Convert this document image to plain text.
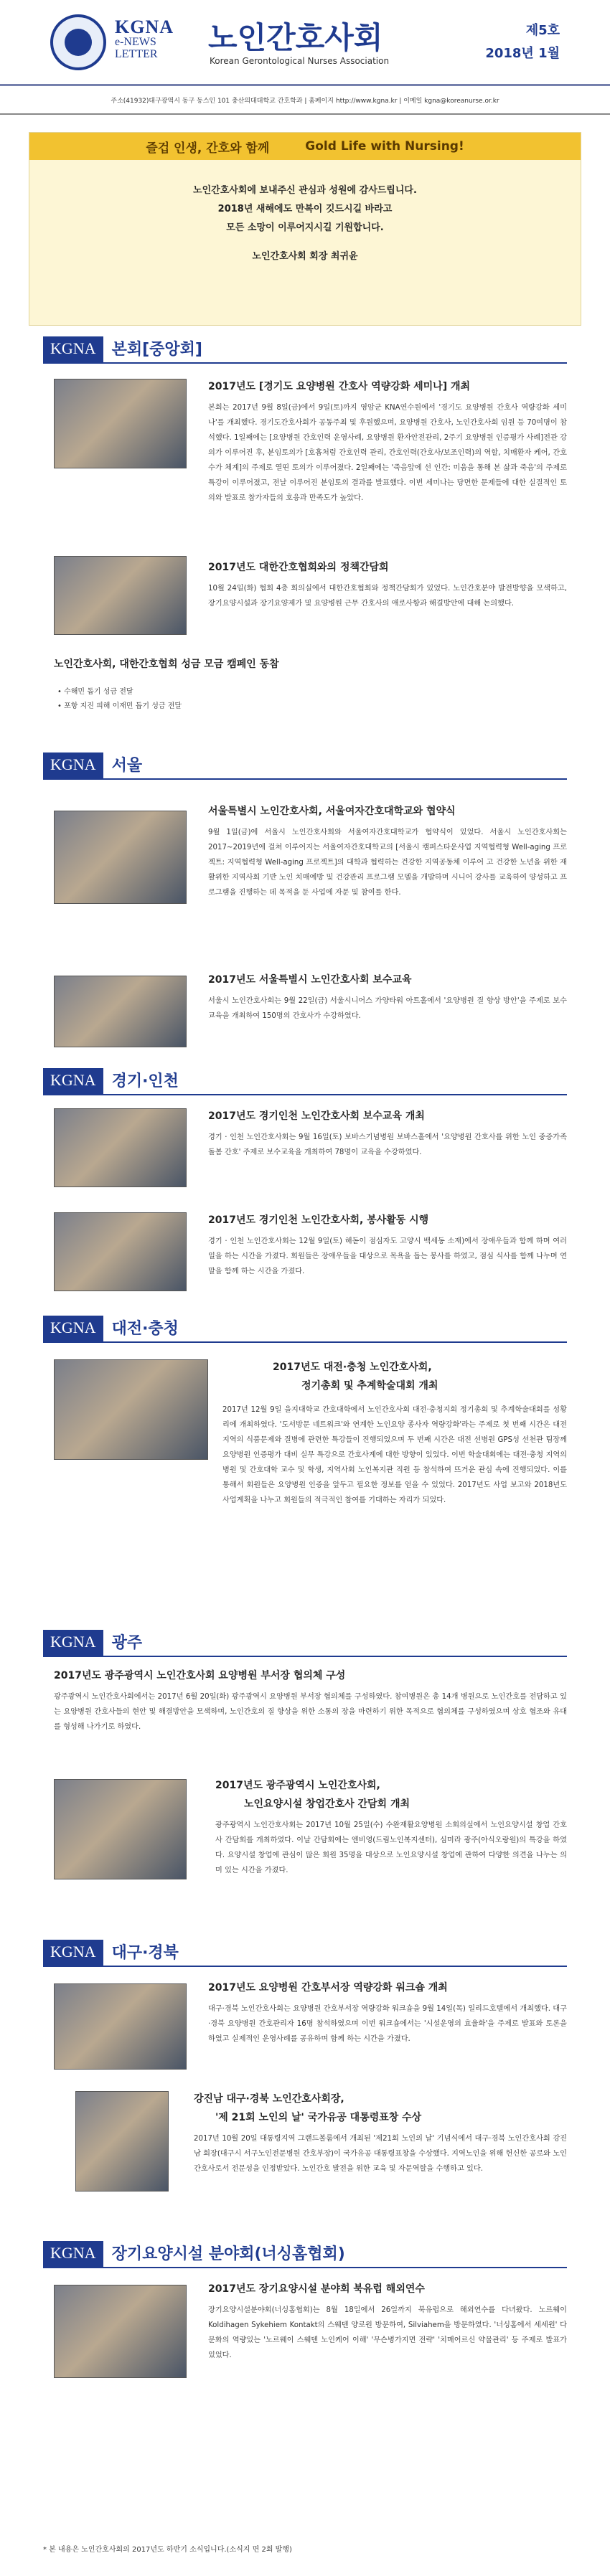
KGNA
e-NEWS
LETTER	노인간호사회
Korean Gerontological Nurses Association
제5호
2018년 1월
주소(41932)대구광역시 동구 동스인 101 충산의대대학교 간호학과 | 홈페이지 http://www.kgna.kr | 이메일 kgna@koreanurse.or.kr
즐겁 인생, 간호와 함께	Gold Life with Nursing!
노인간호사회에 보내주신 관심과 성원에 감사드립니다.
2018년 새해에도 만복이 깃드시길 바라고
모든 소망이 이루어지시길 기원합니다.
노인간호사회 회장 최귀윤
KGNA	본회[중앙회]
2017년도 [경기도 요양병원 간호사 역량강화 세미나] 개최

본회는 2017년 9월 8일(금)에서 9일(토)까지 영암군 KNA연수원에서 '경기도 요양병원 간호사 역량강화 세미나'를 개최했다. 경기도간호사회가 공동주최 및 후원했으며, 요양병원 간호사, 노인간호사회 임원 등 70여명이 참석했다. 1일째에는 [요양병원 간호인력 운영사례, 요양병원 환자안전관리, 2주기 요양병원 인증평가 사례]전관 강의가 이루어진 후, 분임토의가 [호흡처럼 간호인력 관리, 간호인력(간호사/보조인력)의 역할, 치매환자 케어, 간호수가 체계]의 주제로 열띤 토의가 이루어졌다. 2일째에는 '죽음앞에 선 인간: 미움을 통해 본 삶과 죽음'의 주제로 특강이 이루어졌고, 전날 이루어진 분임토의 결과를 발표했다. 이번 세미나는 당면한 문제들에 대한 실질적인 토의와 발표로 참가자들의 호응과 만족도가 높았다.

2017년도 대한간호협회와의 정책간담회

10월 24일(화) 협회 4층 회의실에서 대한간호협회와 정책간담회가 있었다. 노인간호분야 발전방향을 모색하고, 장기요양시설과 장기요양제가 및 요양병원 근무 간호사의 애로사항과 해결방안에 대해 논의했다.

노인간호사회, 대한간호협회 성금 모금 캠페인 동참
• 수해민 돕기 성금 전달
• 포항 지진 피해 이재민 돕기 성금 전달
KGNA	서울
서울특별시 노인간호사회, 서울여자간호대학교와 협약식

9월 1일(금)에 서울시 노인간호사회와 서울여자간호대학교가 협약식이 있었다. 서울시 노인간호사회는 2017~2019년에 걸쳐 이루어지는 서울여자간호대학교의 [서울시 캠퍼스타운사업 지역협력형 Well-aging 프로젝트: 지역협력형 Well-aging 프로젝트]의 대학과 협력하는 건강한 지역공동체 이루어 고 건강한 노년을 위한 재활위한 지역사회 기반 노인 치매예방 및 건강관리 프로그램 모델을 개발하며 시니어 강사를 교육하여 양성하고 프로그램을 진행하는 데 목적을 둔 사업에 자문 및 참여를 한다.

2017년도 서울특별시 노인간호사회 보수교육

서울시 노인간호사회는 9월 22일(금) 서울시니어스 가양타워 아트홀에서 '요양병원 질 향상 방안'을 주제로 보수교육을 개최하여 150명의 간호사가 수강하였다.

KGNA	경기·인천
2017년도 경기인천 노인간호사회 보수교육 개최

경기 · 인천 노인간호사회는 9월 16일(토) 보바스기념병원 보바스홀에서 '요양병원 간호사를 위한 노인 중증가족 돌봄 간호' 주제로 보수교육을 개최하여 78명이 교육을 수강하였다.

2017년도 경기인천 노인간호사회, 봉사활동 시행

경기 · 인천 노인간호사회는 12월 9일(토) 해돋이 점심자도 고양시 백세동 소재)에서 장애우들과 함께 하며 여러 일을 하는 시간을 가졌다. 회원들은 장애우들을 대상으로 목욕을 돕는 봉사를 하였고, 점심 식사를 함께 나누며 연말을 함께 하는 시간을 가졌다.

KGNA	대전·충청
2017년도 대전·충청 노인간호사회,
정기총회 및 추계학술대회 개최

2017년 12월 9일 을지대학교 간호대학에서 노인간호사회 대전·충청지회 정기총회 및 추계학술대회를 성황리에 개최하였다. '도서방문 네트워크'와 연계한 노인요양 종사자 역량강화'라는 주제로 첫 번째 시간은 대전지역의 식품문제와 질병에 관련한 특강들이 진행되었으며 두 번째 시간은 대전 선병원 GPS성 선천관 팀장께 요양병원 인증평가 대비 실무 특강으로 간호사계에 대한 방향이 있었다. 이번 학술대회에는 대전·충청 지역의 병원 및 간호대학 교수 및 학생, 지역사회 노인복지관 직원 등 참석하여 뜨거운 관심 속에 진행되었다. 이를 통해서 회원들은 요양병원 인증을 앞두고 필요한 정보를 얻을 수 있었다. 2017년도 사업 보고와 2018년도 사업계획을 나누고 회원들의 적극적인 참여를 기대하는 자리가 되었다.

KGNA	광주
2017년도 광주광역시 노인간호사회 요양병원 부서장 협의체 구성

광주광역시 노인간호사회에서는 2017년 6월 20일(화) 광주광역시 요양병원 부서장 협의체를 구성하였다. 참여병원은 총 14개 병원으로 노인간호를 전담하고 있는 요양병원 간호사들의 현안 및 해결방안을 모색하며, 노인간호의 질 향상을 위한 소통의 장을 마련하기 위한 목적으로 협의체를 구성하였으며 상호 협조와 유대를 형성해 나가기로 하였다.

2017년도 광주광역시 노인간호사회,
노인요양시설 창업간호사 간담회 개최

광주광역시 노인간호사회는 2017년 10월 25일(수) 수완재활요양병원 소회의실에서 노인요양시설 창업 간호사 간담회를 개최하였다. 이날 간담회에는 엔비영(드림노인복지센터), 심미라 광주(아식오랑원)의 특강을 하였다. 요양시설 창업에 관심이 많은 회원 35명을 대상으로 노인요양시설 창업에 관하여 다양한 의견을 나누는 의미 있는 시간을 가졌다.

KGNA	대구·경북
2017년도 요양병원 간호부서장 역량강화 워크숍 개최

대구·경북 노인간호사회는 요양병원 간호부서장 역량강화 워크숍을 9월 14일(목) 일리드호텔에서 개최했다. 대구·경북 요양병원 간호관리자 16명 참석하였으며 이번 워크숍에서는 '시설운영의 효율화'을 주제로 발표와 토론을 하였고 실제적인 운영사례를 공유하며 함께 하는 시간을 가졌다.

강진남 대구·경북 노인간호사회장,
'제 21회 노인의 날' 국가유공 대통령표창 수상

2017년 10월 20일 대통령지역 그랜드볼룸에서 개최된 '제21회 노인의 날' 기념식에서 대구·경북 노인간호사회 강진남 회장(대구시 서구노인전문병원 간호부장)이 국가유공 대통령표창을 수상했다. 지역노인을 위해 헌신한 공로와 노인간호사로서 전문성을 인정받았다. 노인간호 발전을 위한 교육 및 자문역할을 수행하고 있다.

KGNA	장기요양시설 분야회(너싱홈협회)
2017년도 장기요양시설 분야회 북유럽 해외연수

장기요양시설분야회(너싱홈협회)는 8월 18일에서 26일까지 북유럽으로 해외연수를 다녀왔다. 노르웨이 Koldihagen Sykehiem Kontakt의 스웨덴 양로원 방문하여, Silviahem을 방문하였다. '너싱홈에서 세세원' 다문화의 역량있는 '노르웨이 스웨덴 노인케어 이해' '무슨병가지면 전략' '치매어르신 약물관리' 등 주제로 발표가 있었다.

* 본 내용은 노인간호사회의 2017년도 하반기 소식입니다.(소식지 면 2회 발행)
